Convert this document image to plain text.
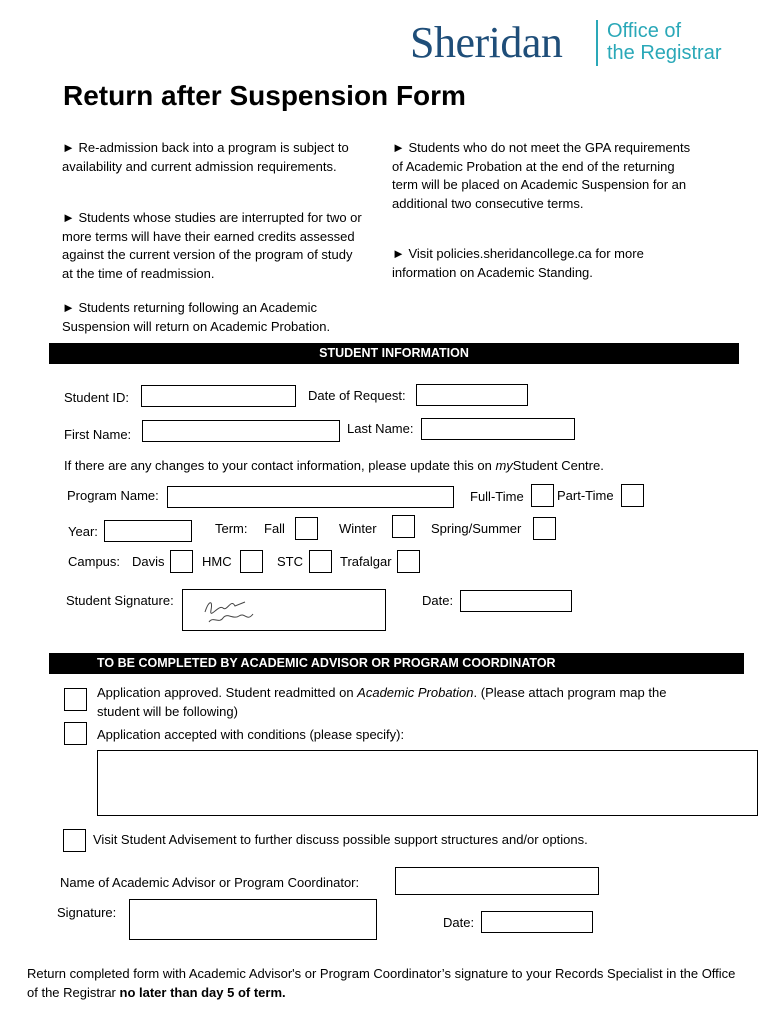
Sheridan Office of
the Registrar
Return after Suspension Form
► Re-admission back into a program is subject to availability and current admission requirements.
► Students whose studies are interrupted for two or more terms will have their earned credits assessed against the current version of the program of study at the time of readmission.
► Students returning following an Academic Suspension will return on Academic Probation.
► Students who do not meet the GPA requirements of Academic Probation at the end of the returning term will be placed on Academic Suspension for an additional two consecutive terms.
► Visit policies.sheridancollege.ca for more information on Academic Standing.
STUDENT INFORMATION
Student ID:	Date of Request:
First Name:	Last Name:
If there are any changes to your contact information, please update this on myStudent Centre.
Program Name:	Full-Time	Part-Time
Year:	Term: Fall	Winter	Spring/Summer
Campus: Davis	HMC	STC	Trafalgar
Student Signature:	Date:
TO BE COMPLETED BY ACADEMIC ADVISOR OR PROGRAM COORDINATOR
Application approved. Student readmitted on Academic Probation. (Please attach program map the student will be following)
Application accepted with conditions (please specify):
Visit Student Advisement to further discuss possible support structures and/or options.
Name of Academic Advisor or Program Coordinator:
Signature:
Date:
Return completed form with Academic Advisor's or Program Coordinator’s signature to your Records Specialist in the Office of the Registrar no later than day 5 of term.
